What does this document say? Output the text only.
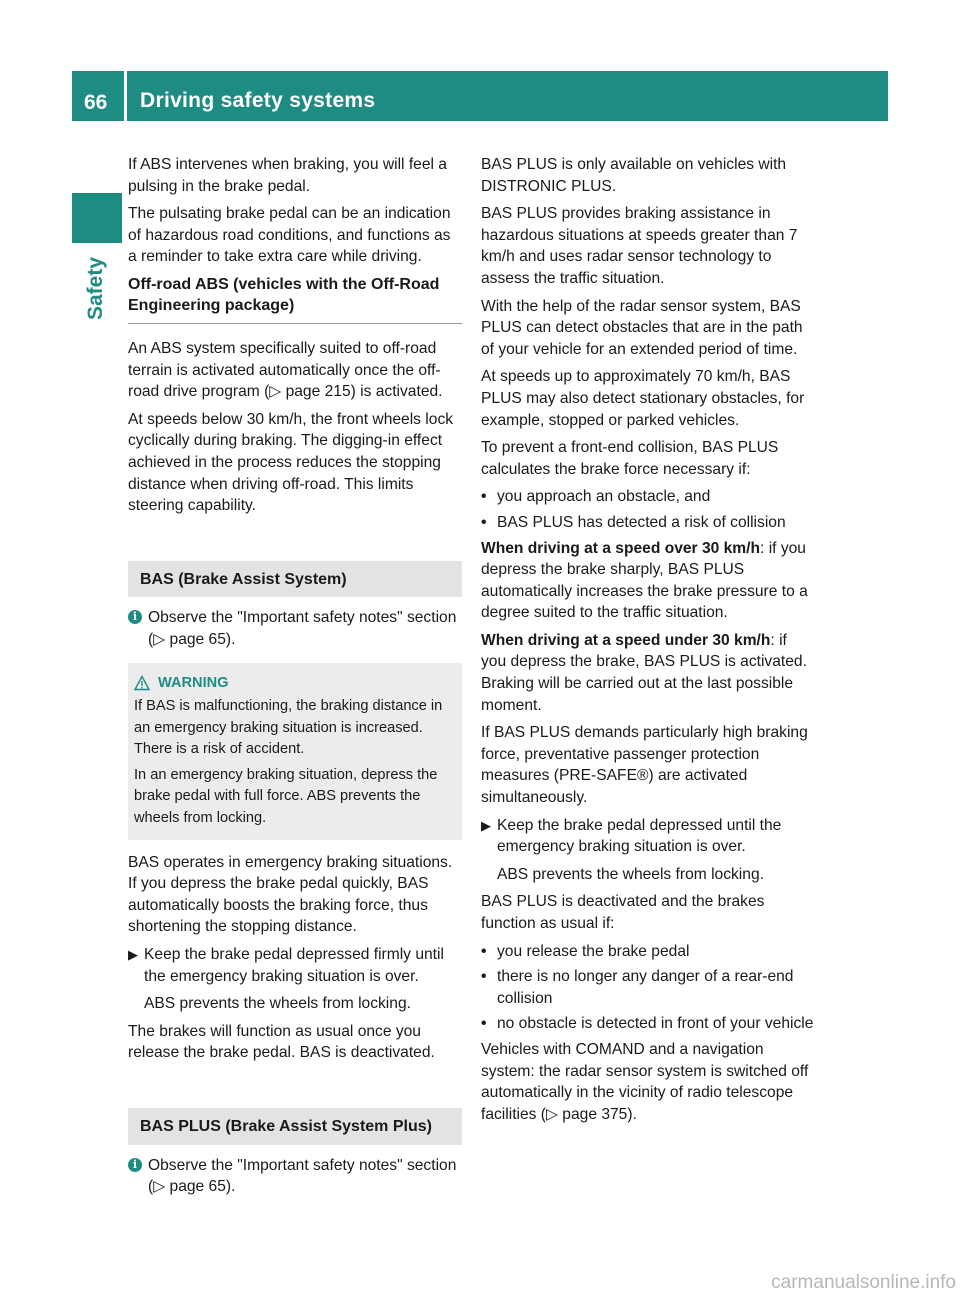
66 Driving safety systems
Safety

If ABS intervenes when braking, you will feel a pulsing in the brake pedal.

The pulsating brake pedal can be an indication of hazardous road conditions, and functions as a reminder to take extra care while driving.

Off-road ABS (vehicles with the Off-Road Engineering package)

An ABS system specifically suited to off-road terrain is activated automatically once the off-road drive program (▷ page 215) is activated.

At speeds below 30 km/h, the front wheels lock cyclically during braking. The digging-in effect achieved in the process reduces the stopping distance when driving off-road. This limits steering capability.

BAS (Brake Assist System)
i Observe the "Important safety notes" section (▷ page 65).
WARNING

If BAS is malfunctioning, the braking distance in an emergency braking situation is increased. There is a risk of accident.

In an emergency braking situation, depress the brake pedal with full force. ABS prevents the wheels from locking.

BAS operates in emergency braking situations. If you depress the brake pedal quickly, BAS automatically boosts the braking force, thus shortening the stopping distance.

▶ Keep the brake pedal depressed firmly until the emergency braking situation is over.

ABS prevents the wheels from locking.

The brakes will function as usual once you release the brake pedal. BAS is deactivated.

BAS PLUS (Brake Assist System Plus)
i Observe the "Important safety notes" section (▷ page 65).

BAS PLUS is only available on vehicles with DISTRONIC PLUS.

BAS PLUS provides braking assistance in hazardous situations at speeds greater than 7 km/h and uses radar sensor technology to assess the traffic situation.

With the help of the radar sensor system, BAS PLUS can detect obstacles that are in the path of your vehicle for an extended period of time.

At speeds up to approximately 70 km/h, BAS PLUS may also detect stationary obstacles, for example, stopped or parked vehicles.

To prevent a front-end collision, BAS PLUS calculates the brake force necessary if:

• you approach an obstacle, and
• BAS PLUS has detected a risk of collision

When driving at a speed over 30 km/h: if you depress the brake sharply, BAS PLUS automatically increases the brake pressure to a degree suited to the traffic situation.

When driving at a speed under 30 km/h: if you depress the brake, BAS PLUS is activated. Braking will be carried out at the last possible moment.

If BAS PLUS demands particularly high braking force, preventative passenger protection measures (PRE-SAFE®) are activated simultaneously.

▶ Keep the brake pedal depressed until the emergency braking situation is over.

ABS prevents the wheels from locking.

BAS PLUS is deactivated and the brakes function as usual if:

• you release the brake pedal
• there is no longer any danger of a rear-end collision
• no obstacle is detected in front of your vehicle

Vehicles with COMAND and a navigation system: the radar sensor system is switched off automatically in the vicinity of radio telescope facilities (▷ page 375).

carmanualsonline.info
